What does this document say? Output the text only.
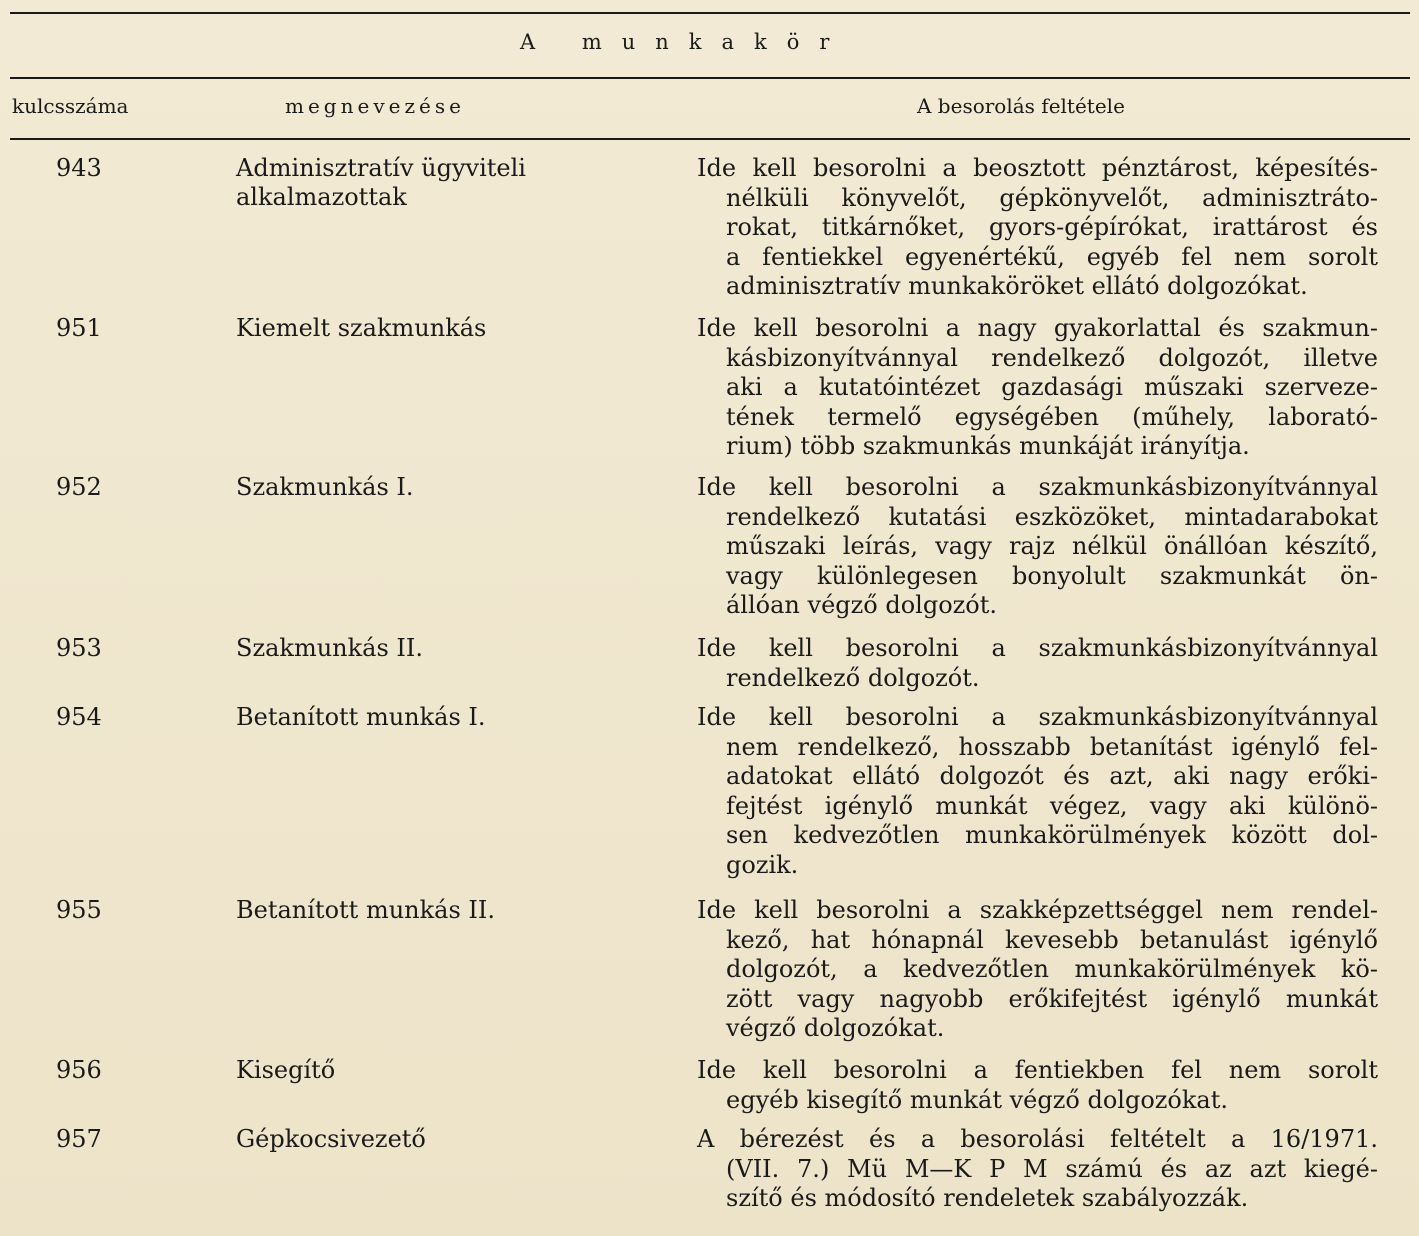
A munkakör
kulcsszáma	megnevezése	A besorolás feltétele
943	Adminisztratív ügyviteli alkalmazottak
Ide kell besorolni a beosztott pénztárost, képesítés-
nélküli könyvelőt, gépkönyvelőt, adminisztráto-
rokat, titkárnőket, gyors-gépírókat, irattárost és
a fentiekkel egyenértékű, egyéb fel nem sorolt
adminisztratív munkaköröket ellátó dolgozókat.
951	Kiemelt szakmunkás	Ide kell besorolni a nagy gyakorlattal és szakmun-
kásbizonyítvánnyal rendelkező dolgozót, illetve
aki a kutatóintézet gazdasági műszaki szerveze-
tének termelő egységében (műhely, laborató-
rium) több szakmunkás munkáját irányítja.
952	Szakmunkás I.	Ide kell besorolni a szakmunkásbizonyítvánnyal
rendelkező kutatási eszközöket, mintadarabokat
műszaki leírás, vagy rajz nélkül önállóan készítő,
vagy különlegesen bonyolult szakmunkát ön-
állóan végző dolgozót.
953	Szakmunkás II.	Ide kell besorolni a szakmunkásbizonyítvánnyal
rendelkező dolgozót.
954	Betanított munkás I.	Ide kell besorolni a szakmunkásbizonyítvánnyal
nem rendelkező, hosszabb betanítást igénylő fel-
adatokat ellátó dolgozót és azt, aki nagy erőki-
fejtést igénylő munkát végez, vagy aki különö-
sen kedvezőtlen munkakörülmények között dol-
gozik.
955	Betanított munkás II.	Ide kell besorolni a szakképzettséggel nem rendel-
kező, hat hónapnál kevesebb betanulást igénylő
dolgozót, a kedvezőtlen munkakörülmények kö-
zött vagy nagyobb erőkifejtést igénylő munkát
végző dolgozókat.
956	Kisegítő	Ide kell besorolni a fentiekben fel nem sorolt
egyéb kisegítő munkát végző dolgozókat.
957	Gépkocsivezető	A bérezést és a besorolási feltételt a 16/1971.
(VII. 7.) Mü M—K P M számú és az azt kiegé-
szítő és módosító rendeletek szabályozzák.
